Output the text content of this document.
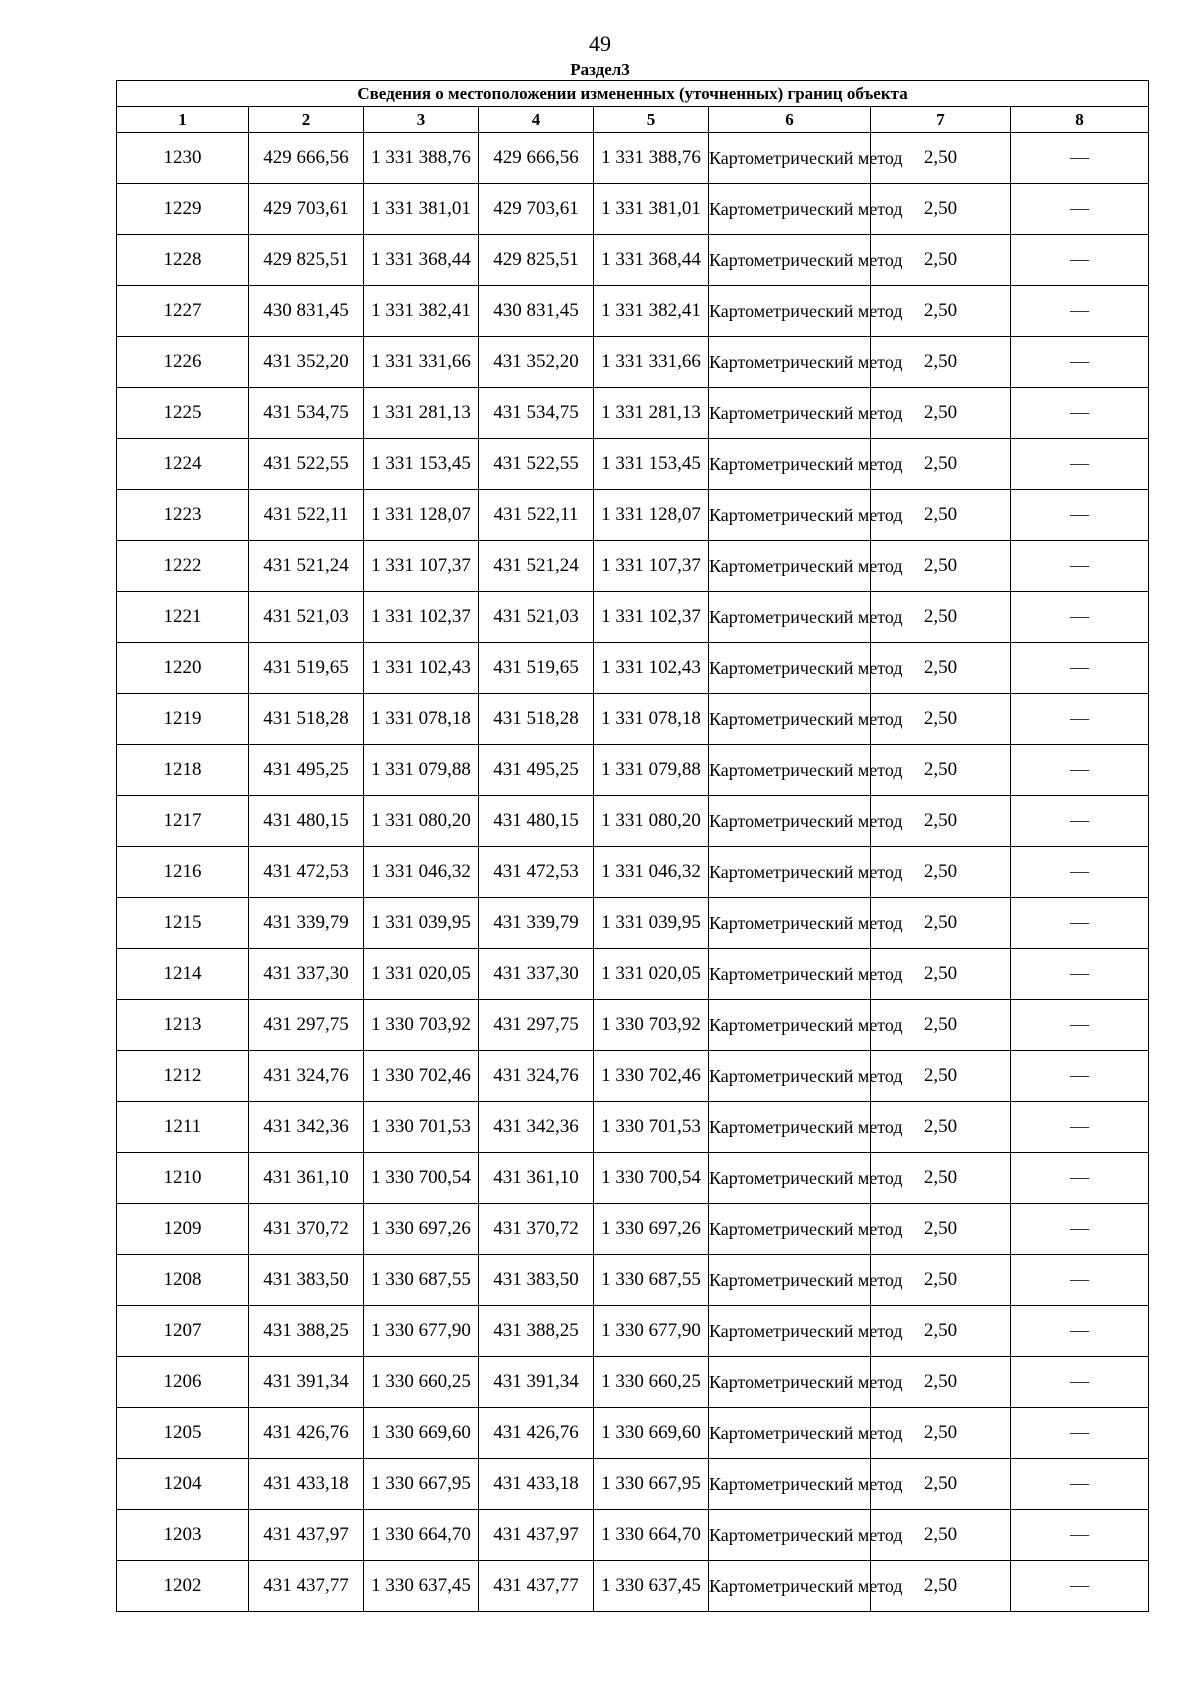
49
Раздел3
Сведения о местоположении измененных (уточненных) границ объекта							
1	2	3	4	5	6	7	8
1230	429 666,56	1 331 388,76	429 666,56	1 331 388,76	Картометрический метод	2,50	—
1229	429 703,61	1 331 381,01	429 703,61	1 331 381,01	Картометрический метод	2,50	—
1228	429 825,51	1 331 368,44	429 825,51	1 331 368,44	Картометрический метод	2,50	—
1227	430 831,45	1 331 382,41	430 831,45	1 331 382,41	Картометрический метод	2,50	—
1226	431 352,20	1 331 331,66	431 352,20	1 331 331,66	Картометрический метод	2,50	—
1225	431 534,75	1 331 281,13	431 534,75	1 331 281,13	Картометрический метод	2,50	—
1224	431 522,55	1 331 153,45	431 522,55	1 331 153,45	Картометрический метод	2,50	—
1223	431 522,11	1 331 128,07	431 522,11	1 331 128,07	Картометрический метод	2,50	—
1222	431 521,24	1 331 107,37	431 521,24	1 331 107,37	Картометрический метод	2,50	—
1221	431 521,03	1 331 102,37	431 521,03	1 331 102,37	Картометрический метод	2,50	—
1220	431 519,65	1 331 102,43	431 519,65	1 331 102,43	Картометрический метод	2,50	—
1219	431 518,28	1 331 078,18	431 518,28	1 331 078,18	Картометрический метод	2,50	—
1218	431 495,25	1 331 079,88	431 495,25	1 331 079,88	Картометрический метод	2,50	—
1217	431 480,15	1 331 080,20	431 480,15	1 331 080,20	Картометрический метод	2,50	—
1216	431 472,53	1 331 046,32	431 472,53	1 331 046,32	Картометрический метод	2,50	—
1215	431 339,79	1 331 039,95	431 339,79	1 331 039,95	Картометрический метод	2,50	—
1214	431 337,30	1 331 020,05	431 337,30	1 331 020,05	Картометрический метод	2,50	—
1213	431 297,75	1 330 703,92	431 297,75	1 330 703,92	Картометрический метод	2,50	—
1212	431 324,76	1 330 702,46	431 324,76	1 330 702,46	Картометрический метод	2,50	—
1211	431 342,36	1 330 701,53	431 342,36	1 330 701,53	Картометрический метод	2,50	—
1210	431 361,10	1 330 700,54	431 361,10	1 330 700,54	Картометрический метод	2,50	—
1209	431 370,72	1 330 697,26	431 370,72	1 330 697,26	Картометрический метод	2,50	—
1208	431 383,50	1 330 687,55	431 383,50	1 330 687,55	Картометрический метод	2,50	—
1207	431 388,25	1 330 677,90	431 388,25	1 330 677,90	Картометрический метод	2,50	—
1206	431 391,34	1 330 660,25	431 391,34	1 330 660,25	Картометрический метод	2,50	—
1205	431 426,76	1 330 669,60	431 426,76	1 330 669,60	Картометрический метод	2,50	—
1204	431 433,18	1 330 667,95	431 433,18	1 330 667,95	Картометрический метод	2,50	—
1203	431 437,97	1 330 664,70	431 437,97	1 330 664,70	Картометрический метод	2,50	—
1202	431 437,77	1 330 637,45	431 437,77	1 330 637,45	Картометрический метод	2,50	—
